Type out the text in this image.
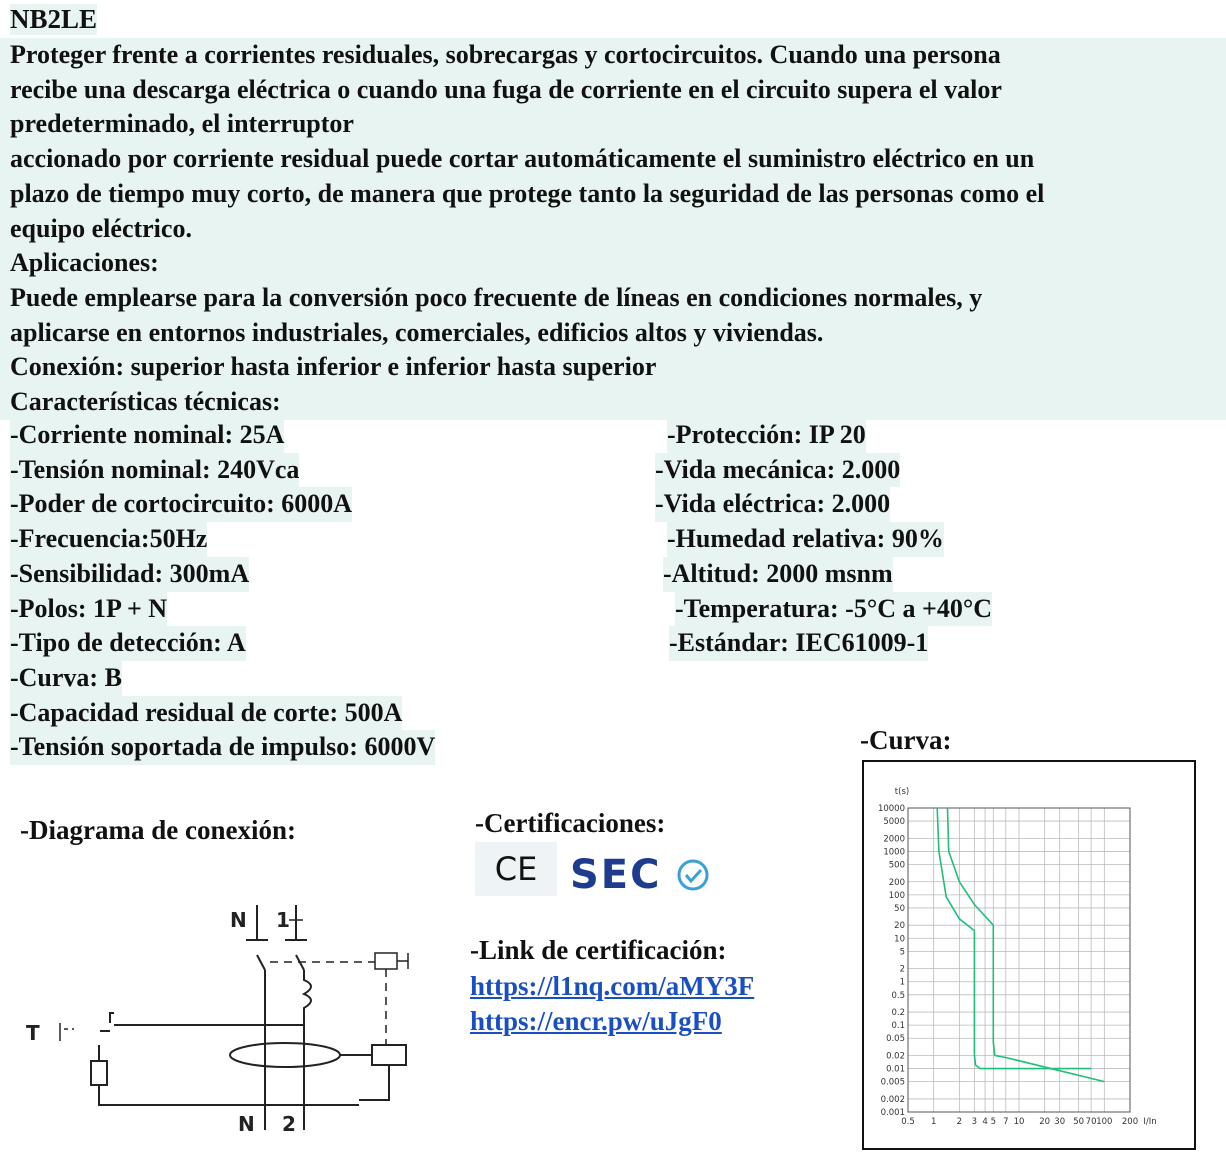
NB2LE
Proteger frente a corrientes residuales, sobrecargas y cortocircuitos. Cuando una persona
recibe una descarga eléctrica o cuando una fuga de corriente en el circuito supera el valor
predeterminado, el interruptor
accionado por corriente residual puede cortar automáticamente el suministro eléctrico en un
plazo de tiempo muy corto, de manera que protege tanto la seguridad de las personas como el
equipo eléctrico.
Aplicaciones:
Puede emplearse para la conversión poco frecuente de líneas en condiciones normales, y
aplicarse en entornos industriales, comerciales, edificios altos y viviendas.
Conexión: superior hasta inferior e inferior hasta superior
Características técnicas:
-Corriente nominal: 25A
-Tensión nominal: 240Vca
-Poder de cortocircuito: 6000A
-Frecuencia:50Hz
-Sensibilidad: 300mA
-Polos: 1P + N
-Tipo de detección: A
-Curva: B
-Capacidad residual de corte: 500A
-Tensión soportada de impulso: 6000V
-Protección: IP 20
-Vida mecánica: 2.000
-Vida eléctrica: 2.000
-Humedad relativa: 90%
-Altitud: 2000 msnm
-Temperatura: -5°C a +40°C
-Estándar: IEC61009-1
-Curva:
10000
5000
2000
1000
500
200
100
50
20
10
5
2
1
0.5
0.2
0.1
0.05
0.02
0.01
0.005
0.002
0.001
0.5 1 2 3 4 5 7 10 20 30 50 70 100 200
t(s)
I/In
-Diagrama de conexión:
N 1
T
N 2
-Certificaciones:
CE SEC
-Link de certificación:
https://l1nq.com/aMY3F
https://encr.pw/uJgF0
